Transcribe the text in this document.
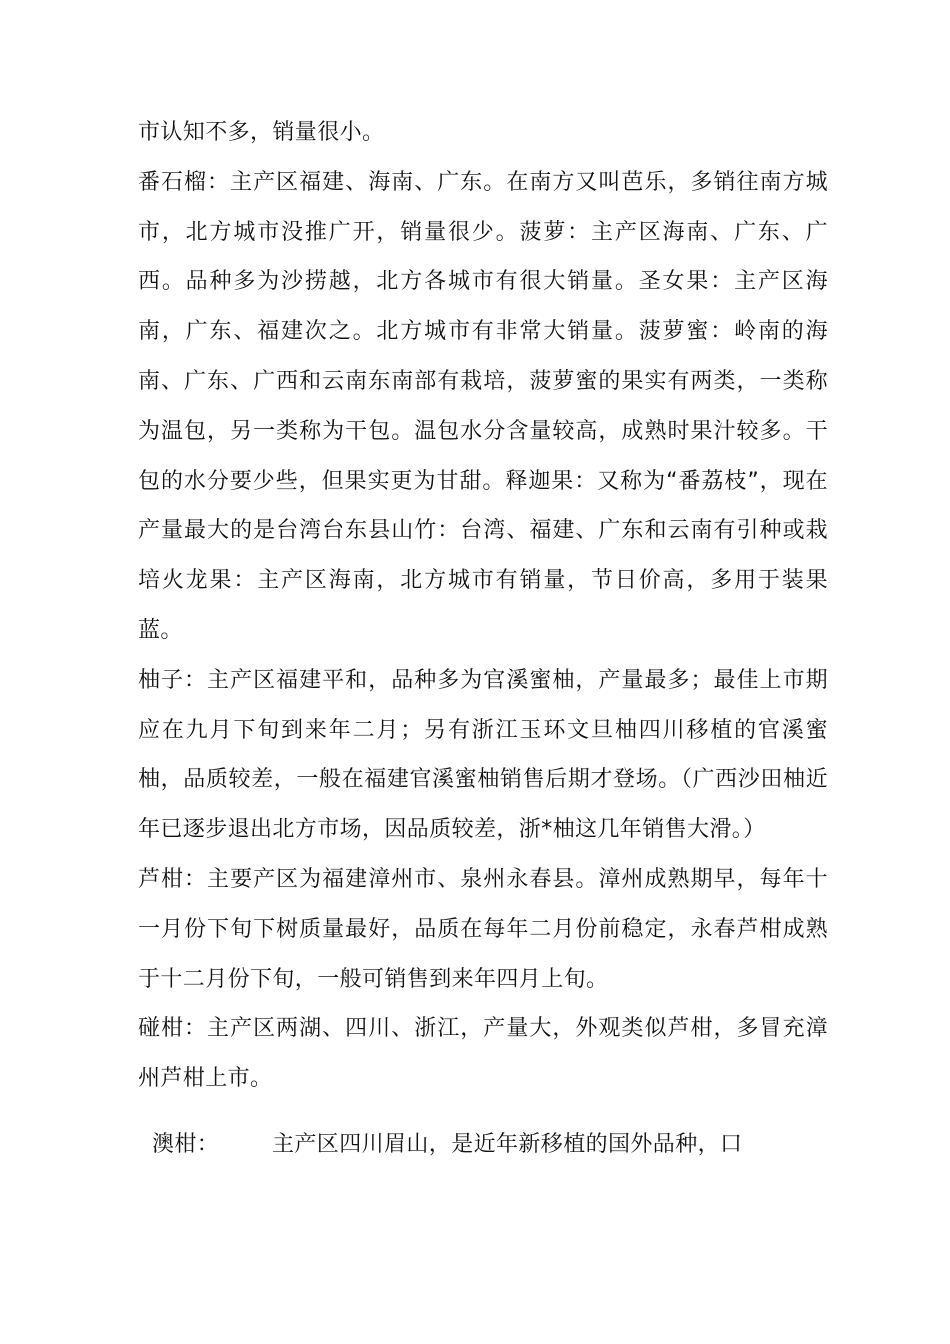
市认知不多，销量很小。

番石榴：主产区福建、海南、广东。在南方又叫芭乐，多销往南方城市，北方城市没推广开，销量很少。菠萝：主产区海南、广东、广西。品种多为沙捞越，北方各城市有很大销量。圣女果：主产区海南，广东、福建次之。北方城市有非常大销量。菠萝蜜：岭南的海南、广东、广西和云南东南部有栽培，菠萝蜜的果实有两类，一类称为温包，另一类称为干包。温包水分含量较高，成熟时果汁较多。干包的水分要少些，但果实更为甘甜。释迦果：又称为“番荔枝”，现在产量最大的是台湾台东县山竹：台湾、福建、广东和云南有引种或栽培火龙果：主产区海南，北方城市有销量，节日价高，多用于装果蓝。

柚子：主产区福建平和，品种多为官溪蜜柚，产量最多；最佳上市期应在九月下旬到来年二月；另有浙江玉环文旦柚四川移植的官溪蜜柚，品质较差，一般在福建官溪蜜柚销售后期才登场。（广西沙田柚近年已逐步退出北方市场，因品质较差，浙*柚这几年销售大滑。）

芦柑：主要产区为福建漳州市、泉州永春县。漳州成熟期早，每年十一月份下旬下树质量最好，品质在每年二月份前稳定，永春芦柑成熟于十二月份下旬，一般可销售到来年四月上旬。

碰柑：主产区两湖、四川、浙江，产量大，外观类似芦柑，多冒充漳州芦柑上市。

澳柑： 主产区四川眉山，是近年新移植的国外品种，口
